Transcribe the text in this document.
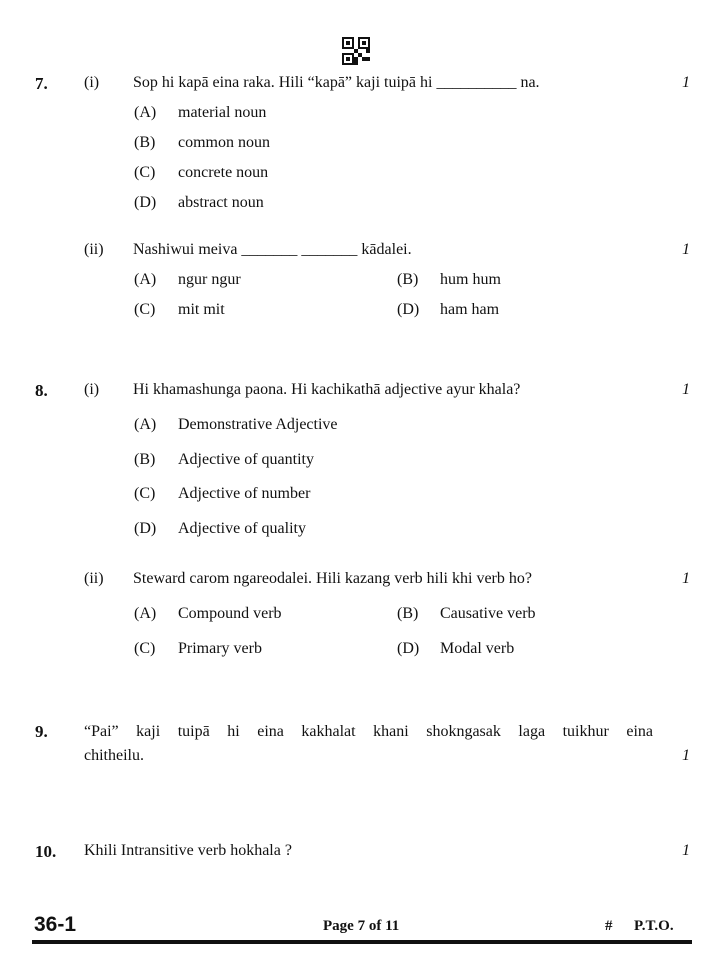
7. (i) Sop hi kapā eina raka. Hili “kapā” kaji tuipā hi __________ na.	1
(A) material noun
(B) common noun
(C) concrete noun
(D) abstract noun
(ii) Nashiwui meiva _______ _______ kādalei.	1
(A) ngur ngur	(B) hum hum
(C) mit mit	(D) ham ham
8. (i) Hi khamashunga paona. Hi kachikathā adjective ayur khala?	1
(A) Demonstrative Adjective
(B) Adjective of quantity
(C) Adjective of number
(D) Adjective of quality
(ii) Steward carom ngareodalei. Hili kazang verb hili khi verb ho?	1
(A) Compound verb	(B) Causative verb
(C) Primary verb	(D) Modal verb
9. “Pai” kaji tuipā hi eina kakhalat khani shokngasak laga tuikhur eina
chitheilu.	1
10. Khili Intransitive verb hokhala ?	1
36-1	Page 7 of 11	# P.T.O.
